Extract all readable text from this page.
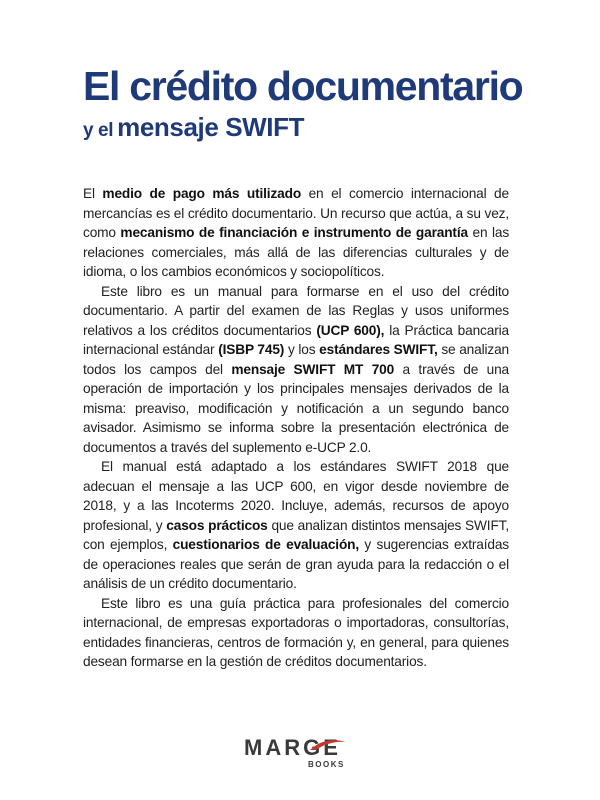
El crédito documentario
y el mensaje SWIFT

El medio de pago más utilizado en el comercio internacional de mercancías es el crédito documentario. Un recurso que actúa, a su vez, como mecanismo de financiación e instrumento de garantía en las relaciones comerciales, más allá de las diferencias culturales y de idioma, o los cambios económicos y sociopolíticos.

Este libro es un manual para formarse en el uso del crédito documentario. A partir del examen de las Reglas y usos uniformes relativos a los créditos documentarios (UCP 600), la Práctica bancaria internacional estándar (ISBP 745) y los estándares SWIFT, se analizan todos los campos del mensaje SWIFT MT 700 a través de una operación de importación y los principales mensajes derivados de la misma: preaviso, modificación y notificación a un segundo banco avisador. Asimismo se informa sobre la presentación electrónica de documentos a través del suplemento e-UCP 2.0.

El manual está adaptado a los estándares SWIFT 2018 que adecuan el mensaje a las UCP 600, en vigor desde noviembre de 2018, y a las Incoterms 2020. Incluye, además, recursos de apoyo profesional, y casos prácticos que analizan distintos mensajes SWIFT, con ejemplos, cuestionarios de evaluación, y sugerencias extraídas de operaciones reales que serán de gran ayuda para la redacción o el análisis de un crédito documentario.

Este libro es una guía práctica para profesionales del comercio internacional, de empresas exportadoras o importadoras, consultorías, entidades financieras, centros de formación y, en general, para quienes desean formarse en la gestión de créditos documentarios.

MARGE
BOOKS
